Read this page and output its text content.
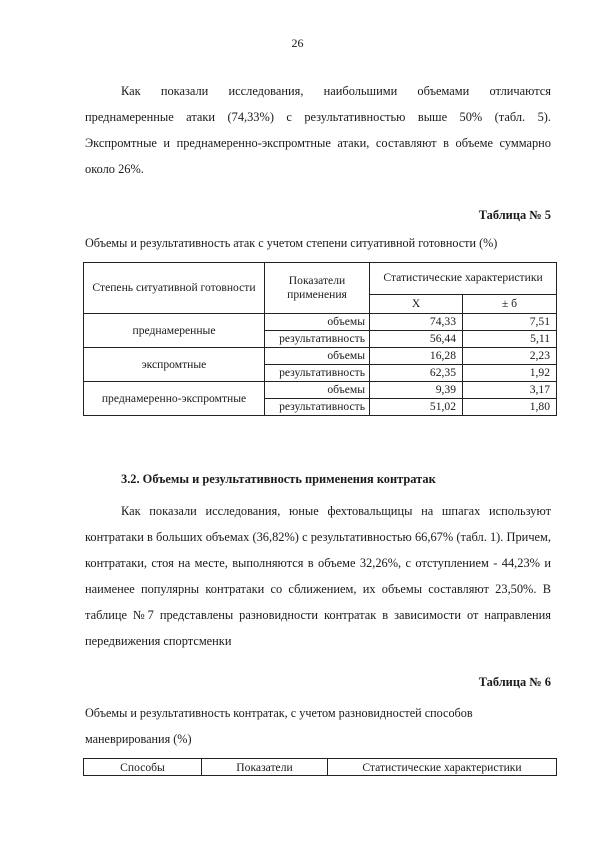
26

Как показали исследования, наибольшими объемами отличаются преднамеренные атаки (74,33%) с результативностью выше 50% (табл. 5). Экспромтные и преднамеренно-экспромтные атаки, составляют в объеме суммарно около 26%.

Таблица № 5
Объемы и результативность атак с учетом степени ситуативной готовности (%)
Степень ситуативной готовности	Показатели применения	Статистические характеристики	
		X	± б
преднамеренные	объемы	74,33	7,51
	результативность	56,44	5,11
экспромтные	объемы	16,28	2,23
	результативность	62,35	1,92
преднамеренно-экспромтные	объемы	9,39	3,17
	результативность	51,02	1,80
3.2. Объемы и результативность применения контратак

Как показали исследования, юные фехтовальщицы на шпагах используют контратаки в больших объемах (36,82%) с результативностью 66,67% (табл. 1). Причем, контратаки, стоя на месте, выполняются в объеме 32,26%, с отступлением - 44,23% и наименее популярны контратаки со сближением, их объемы составляют 23,50%. В таблице №7 представлены разновидности контратак в зависимости от направления передвижения спортсменки

Таблица № 6
Объемы и результативность контратак, с учетом разновидностей способов маневрирования (%)
Способы	Показатели	Статистические характеристики
